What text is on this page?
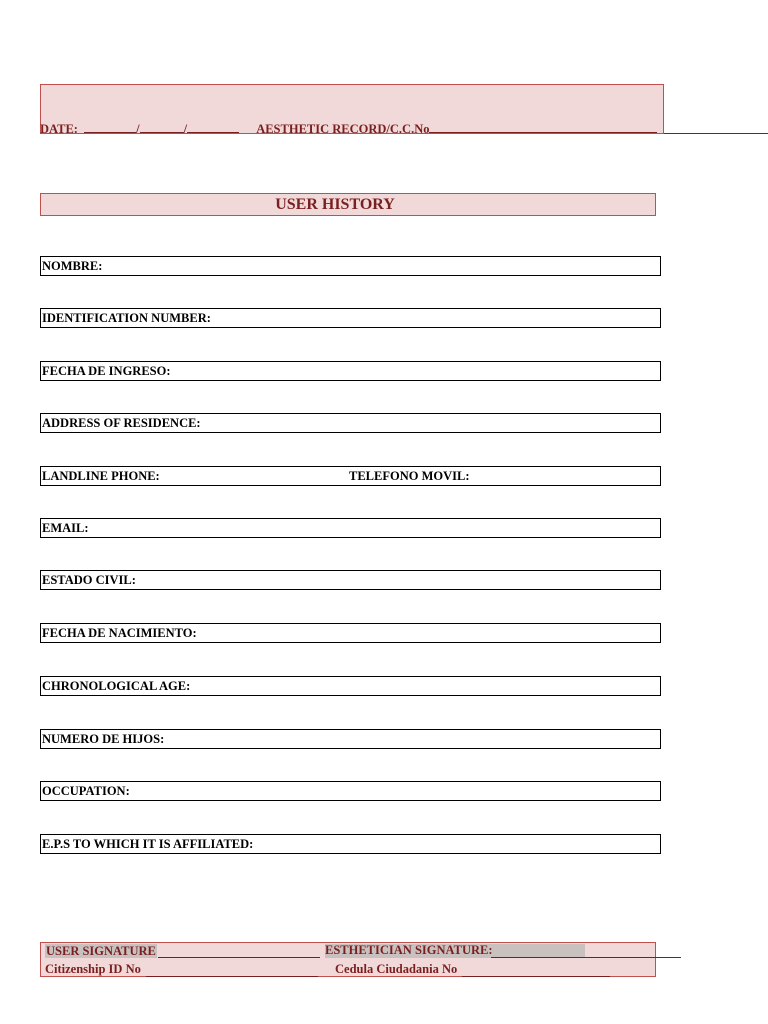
DATE:	/	/	AESTHETIC RECORD/C.C.No
USER HISTORY
NOMBRE:
IDENTIFICATION NUMBER:
FECHA DE INGRESO:
ADDRESS OF RESIDENCE:
LANDLINE PHONE:	TELEFONO MOVIL:
EMAIL:
ESTADO CIVIL:
FECHA DE NACIMIENTO:
CHRONOLOGICAL AGE:
NUMERO DE HIJOS:
OCCUPATION:
E.P.S TO WHICH IT IS AFFILIATED:
USER SIGNATURE	ESTHETICIAN SIGNATURE:
Citizenship ID No	Cedula Ciudadania No
